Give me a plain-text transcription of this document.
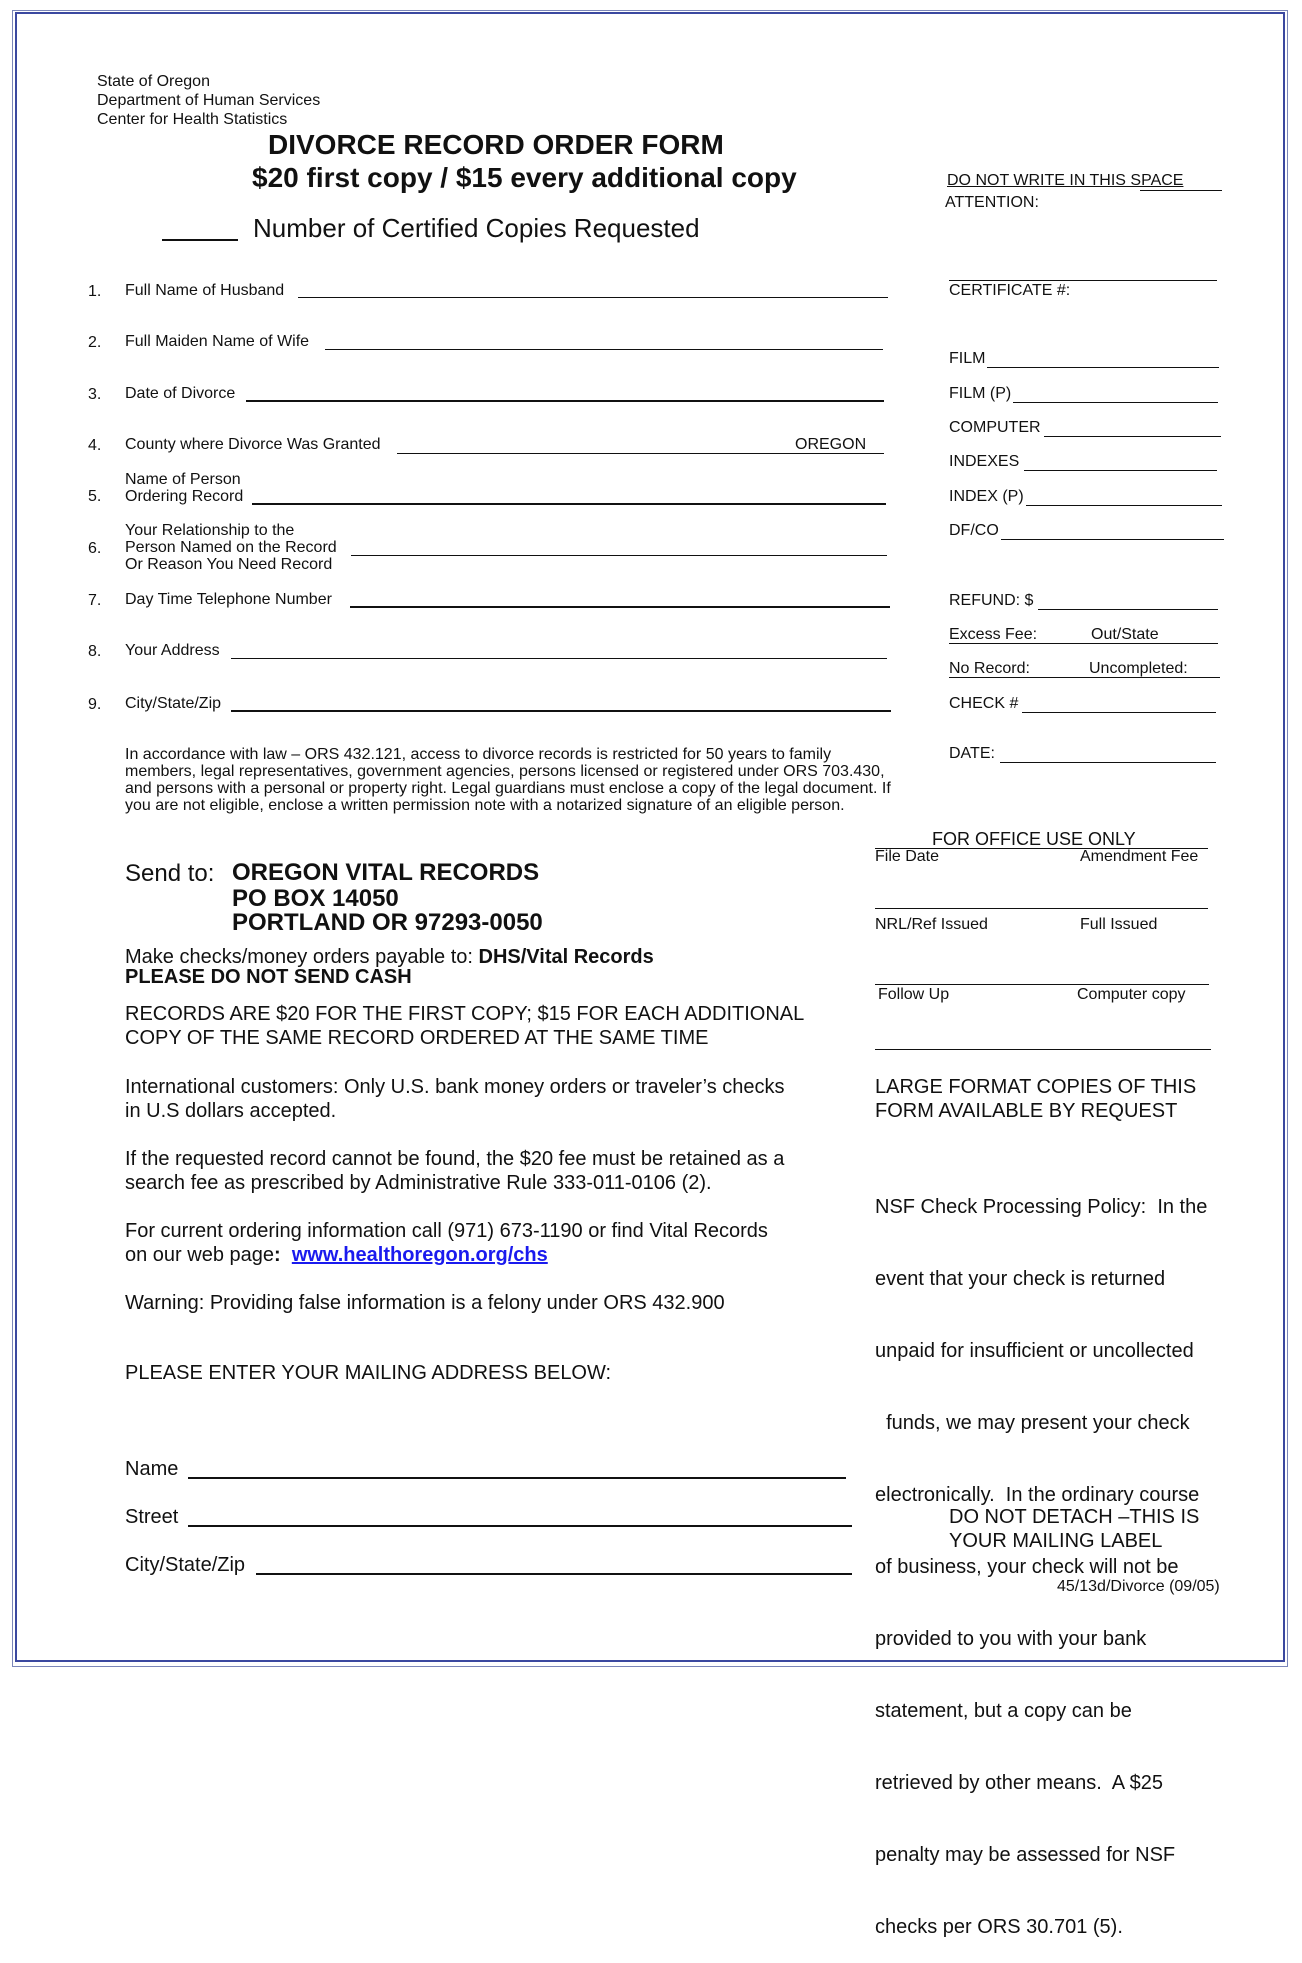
State of Oregon
Department of Human Services
Center for Health Statistics
DIVORCE RECORD ORDER FORM
$20 first copy / $15 every additional copy
Number of Certified Copies Requested
1. Full Name of Husband
2. Full Maiden Name of Wife
3. Date of Divorce
4. County where Divorce Was Granted	OREGON
Name of Person
5. Ordering Record
Your Relationship to the
6. Person Named on the Record
Or Reason You Need Record
7. Day Time Telephone Number
8. Your Address
9. City/State/Zip
In accordance with law – ORS 432.121, access to divorce records is restricted for 50 years to family members, legal representatives, government agencies, persons licensed or registered under ORS 703.430, and persons with a personal or property right. Legal guardians must enclose a copy of the legal document. If you are not eligible, enclose a written permission note with a notarized signature of an eligible person.
Send to: OREGON VITAL RECORDS
PO BOX 14050
PORTLAND OR 97293-0050
Make checks/money orders payable to: DHS/Vital Records
PLEASE DO NOT SEND CASH
RECORDS ARE $20 FOR THE FIRST COPY; $15 FOR EACH ADDITIONAL
COPY OF THE SAME RECORD ORDERED AT THE SAME TIME
International customers: Only U.S. bank money orders or traveler’s checks
in U.S dollars accepted.
If the requested record cannot be found, the $20 fee must be retained as a
search fee as prescribed by Administrative Rule 333-011-0106 (2).
For current ordering information call (971) 673-1190 or find Vital Records
on our web page: www.healthoregon.org/chs
Warning: Providing false information is a felony under ORS 432.900
PLEASE ENTER YOUR MAILING ADDRESS BELOW:
Name
Street
City/State/Zip
DO NOT WRITE IN THIS SPACE
ATTENTION:
CERTIFICATE #:
FILM
FILM (P)
COMPUTER
INDEXES
INDEX (P)
DF/CO
REFUND: $
Excess Fee:	Out/State
No Record:	Uncompleted:
CHECK #
DATE:
FOR OFFICE USE ONLY
File Date	Amendment Fee
NRL/Ref Issued	Full Issued
Follow Up	Computer copy
LARGE FORMAT COPIES OF THIS
FORM AVAILABLE BY REQUEST

NSF Check Processing Policy:  In the

event that your check is returned

unpaid for insufficient or uncollected

funds, we may present your check

electronically.  In the ordinary course

of business, your check will not be

provided to you with your bank

statement, but a copy can be

retrieved by other means.  A $25

penalty may be assessed for NSF

checks per ORS 30.701 (5).

DO NOT DETACH –THIS IS
YOUR MAILING LABEL
45/13d/Divorce (09/05)
